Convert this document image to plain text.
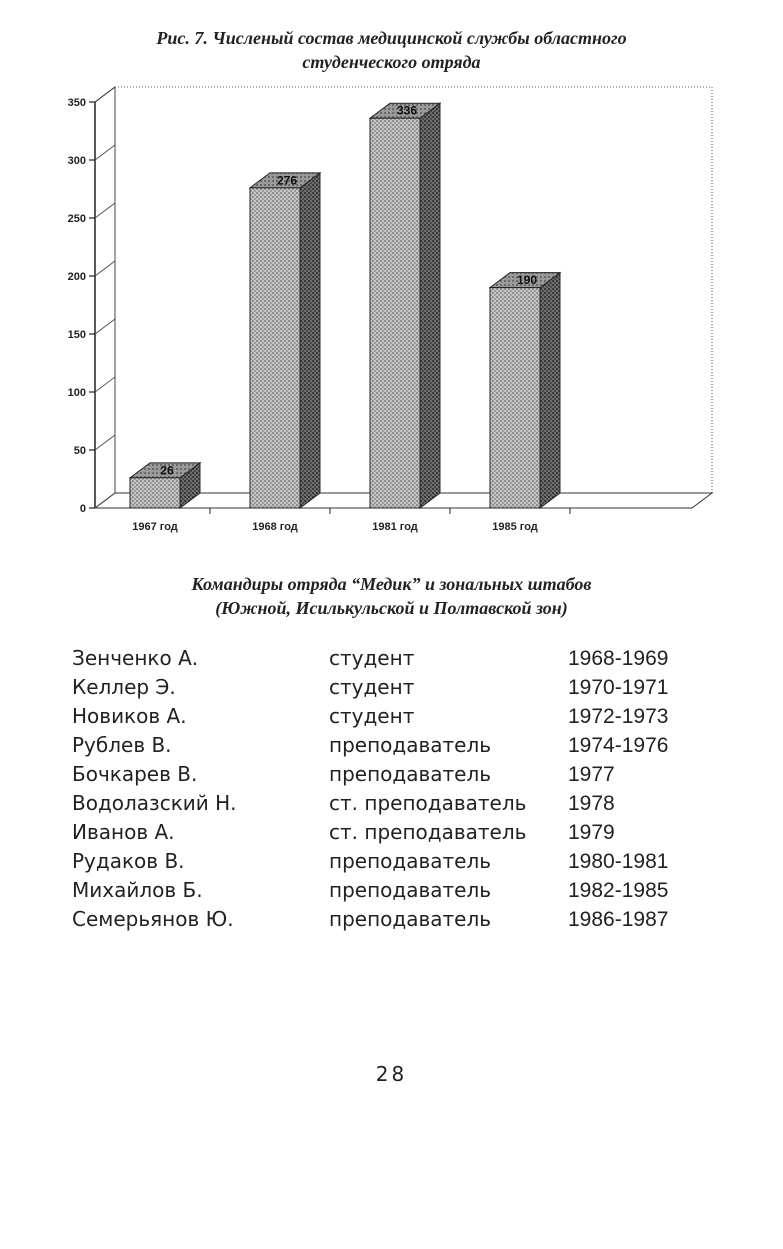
Рис. 7. Численый состав медицинской службы областного
студенческого отряда
0
50
100
150
200
250
300
350
26
1967 год
276
1968 год
336
1981 год
190
1985 год
Командиры отряда “Медик” и зональных штабов
(Южной, Исилькульской и Полтавской зон)
Зенченко А.	студент	1968-1969
Келлер Э.	студент	1970-1971
Новиков А.	студент	1972-1973
Рублев В.	преподаватель	1974-1976
Бочкарев В.	преподаватель	1977
Водолазский Н.	ст. преподаватель 1978
Иванов А.	ст. преподаватель 1979
Рудаков В.	преподаватель	1980-1981
Михайлов Б.	преподаватель	1982-1985
Семерьянов Ю.	преподаватель	1986-1987
28
